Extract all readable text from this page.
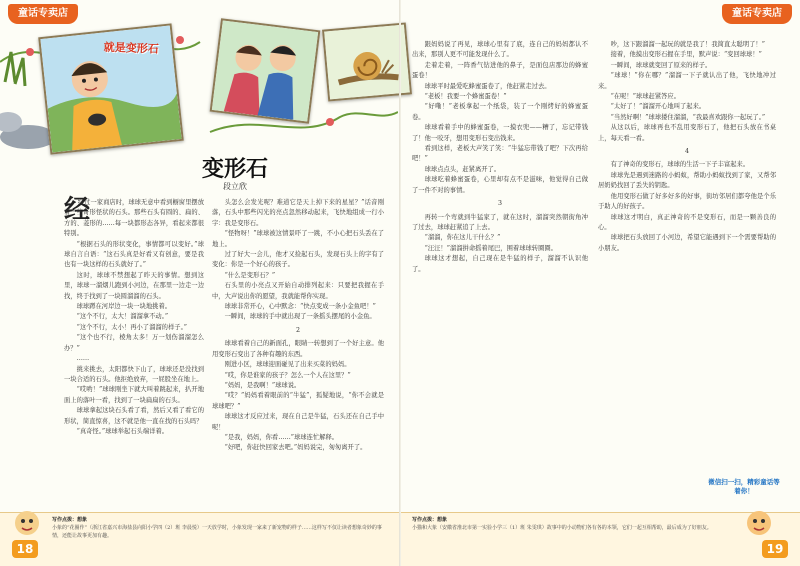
童话专卖店	童话专卖店
就是变形石
变形石
段立欣
经

经过一家商店时，球球无意中看到橱窗里摆放着一些奇形怪状的石头。那些石头有圆的、扁的、方的、菱形的……每一块都形态各异，看起来都很特别。

“根据石头的形状变化，事情都可以变好。”球球自言自语：“这石头真是好看又有创意，要是我也有一块这样的石头就好了。”

这时，球球不禁想起了昨天的事情。想到这里，球球一溜烟儿跑到小河边，在那里一边走一边找，终于找到了一块圆溜溜的石头。

球球蹲在河岸边一块一块地挑着。

“这个不行，太大！溜溜拿不动。”

“这个不行，太小！再小了溜溜的样子。”

“这个也不行，棱角太多！万一划伤溜溜怎么办？”

……

挑来挑去，太阳都快下山了，球球还是没找到一块合适的石头。他拒绝放弃，一屁股坐在地上。

“哎哟！”球球刚坐下就大叫着跳起来，扒开地面上的落叶一看，找到了一块扁扁的石头。

球球拿起这块石头看了看，然后又看了看它的形状，简直惊喜，这不就是他一直在找的石头吗？

“真奇怪。”球球举起石头端详着。

头怎么会发光呢？难道它是天上掉下来的星星？”话音刚落，石头中那些闪光的亮点忽然移动起来，飞快地组成一行小字：我是变形石。

“怪物呀！”球球被这情景吓了一跳，不小心把石头丢在了地上。

过了好大一会儿，他才又捡起石头，发现石头上的字有了变化：你是一个好心的孩子。

“什么是变形石？”

石头里的小亮点又开始自动排列起来：只要把我握在手中，大声说出你的愿望，我就能帮你实现。

球球非常开心，心中默念：“快点变成一条小金鱼吧！”

一瞬间，球球的手中就出现了一条摇头摆尾的小金鱼。

2

球球看着自己的新面孔，眼睛一转想到了一个好主意。他用变形石变出了各种有趣的东西。

刚进小区，球球迎面碰见了出来买菜的妈妈。

“哎，你是谁家的孩子？怎么一个人在这里？”

“妈妈，是我啊！”球球说。

“哎？”妈妈看着眼前的“牛猛”，狐疑地说，“你不会就是球球吧？”

球球这才反应过来，现在自己是牛猛，石头还在自己手中呢！

“是我，妈妈，你看……”球球连忙解释。

“好吧，你赶快回家去吧。”妈妈说完，匆匆离开了。

写作点拨：想象
小象的“花圈作”（浙江省嘉兴市海盐县向阳小学四（2）班 李晨悦）一天放学时，小象发现一家来了新宠物的样子……这样写不仅让读者想象奇妙的事情，还能让故事更加有趣。
18

跟妈妈说了再见，球球心里有了底，连自己的妈妈都认不出来，那别人更不可能发现什么了。

走着走着，一阵香气钻进他的鼻子，是面包店那边的蜂蜜蛋卷！

球球平时最爱吃蜂蜜蛋卷了，他赶紧走过去。

“老板！我要一个蜂蜜蛋卷！”

“好嘞！”老板拿起一个纸袋，装了一个刚烤好的蜂蜜蛋卷。

球球看着手中的蜂蜜蛋卷，一摸衣兜——糟了，忘记带钱了！他一咬牙，想用变形石变出钱来。

看到这样，老板大声笑了笑：“牛猛忘带钱了吧？下次再给吧！”

球球点点头，赶紧离开了。

球球吃着蜂蜜蛋卷，心里却有点不是滋味，他觉得自己做了一件不对的事情。

3

再转一个弯就到牛猛家了，就在这时，溜溜突然朝街角冲了过去，球球赶紧追了上去。

“溜溜，你在这儿干什么？”

“汪汪！”溜溜拼命摇着尾巴，围着球球转圈圈。

球球这才想起，自己现在是牛猛的样子，溜溜不认识他了。

吵，这下跟溜溜一起玩的就是我了！我简直太聪明了！”

接着，他摸出变形石握在手里，默声说：“变回球球！”

一瞬间，球球就变回了原来的样子。

“球球！”你在哪？”溜溜一下子就认出了他，飞快地冲过来。

“在呢！”球球赶紧答应。

“太好了！”溜溜开心地叫了起来。

“当然好啊！”球球搂住溜溜，“我最喜欢跟你一起玩了。”

从这以后，球球再也不乱用变形石了，他把石头放在书桌上，每天看一看。

4

有了神奇的变形石，球球的生活一下子丰富起来。

球球先是遇到迷路的小蚂蚁，帮助小蚂蚁找到了家，又帮邻居奶奶找回了丢失的钥匙。

他用变形石做了好多好多的好事，街坊邻居们都夸他是个乐于助人的好孩子。

球球这才明白，真正神奇的不是变形石，而是一颗善良的心。

球球把石头放回了小河边，希望它能遇到下一个需要帮助的小朋友。

微信扫一扫，精彩童话等着你！
写作点拨：想象
小猫和大象（安徽省淮北市第一实验小学三（1）班 朱雯琪）故事中的小动物们各有各的本领，它们一起互相帮助，最后成为了好朋友。
19
